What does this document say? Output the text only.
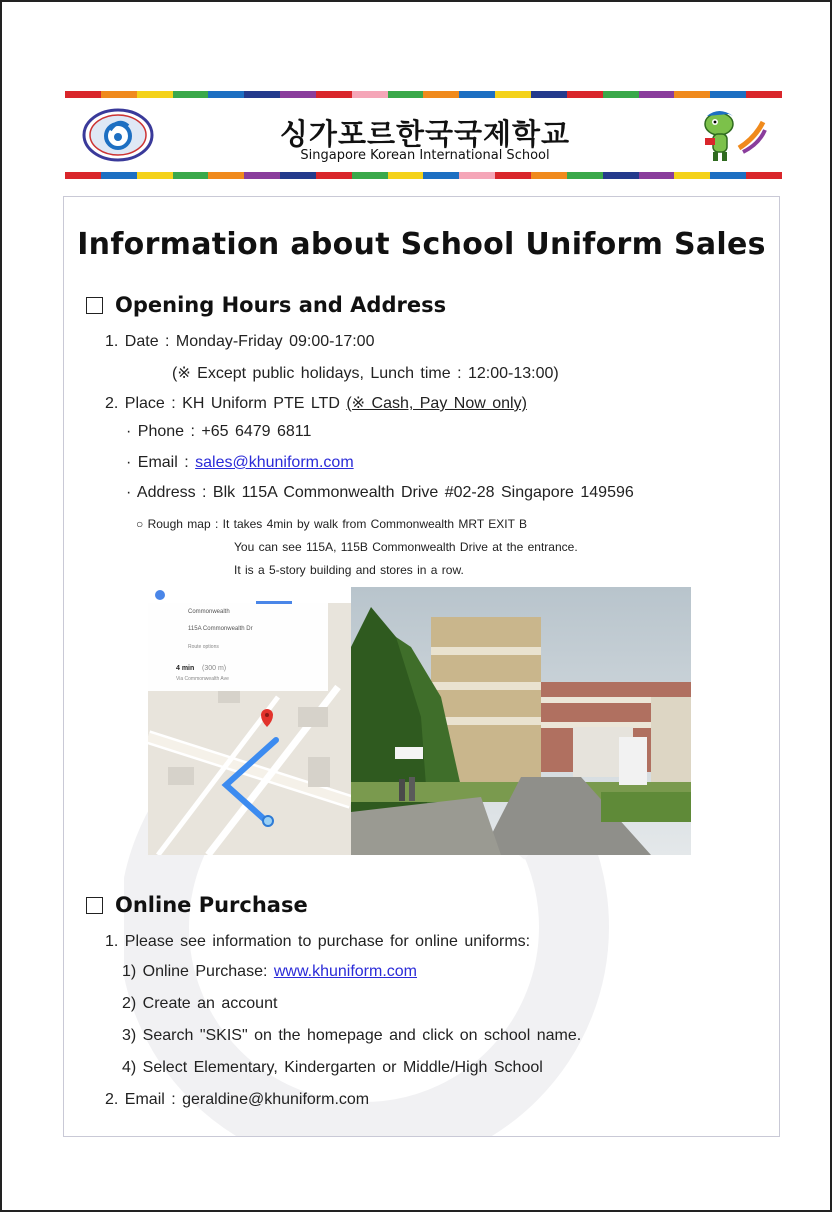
싱가포르한국국제학교
Singapore Korean International School
Information about School Uniform Sales
Opening Hours and Address
1. Date : Monday-Friday 09:00-17:00
(※ Except public holidays, Lunch time : 12:00-13:00)
2. Place : KH Uniform PTE LTD (※ Cash, Pay Now only)
· Phone : +65 6479 6811
· Email : sales@khuniform.com
· Address : Blk 115A Commonwealth Drive #02-28 Singapore 149596
○ Rough map : It takes 4min by walk from Commonwealth MRT EXIT B
You can see 115A, 115B Commonwealth Drive at the entrance.
It is a 5-story building and stores in a row.
Commonwealth
115A Commonwealth Dr
Route options
4 min (300 m)
Via Commonwealth Ave
Online Purchase
1. Please see information to purchase for online uniforms:
1) Online Purchase: www.khuniform.com
2) Create an account
3) Search "SKIS" on the homepage and click on school name.
4) Select Elementary, Kindergarten or Middle/High School
2. Email : geraldine@khuniform.com
